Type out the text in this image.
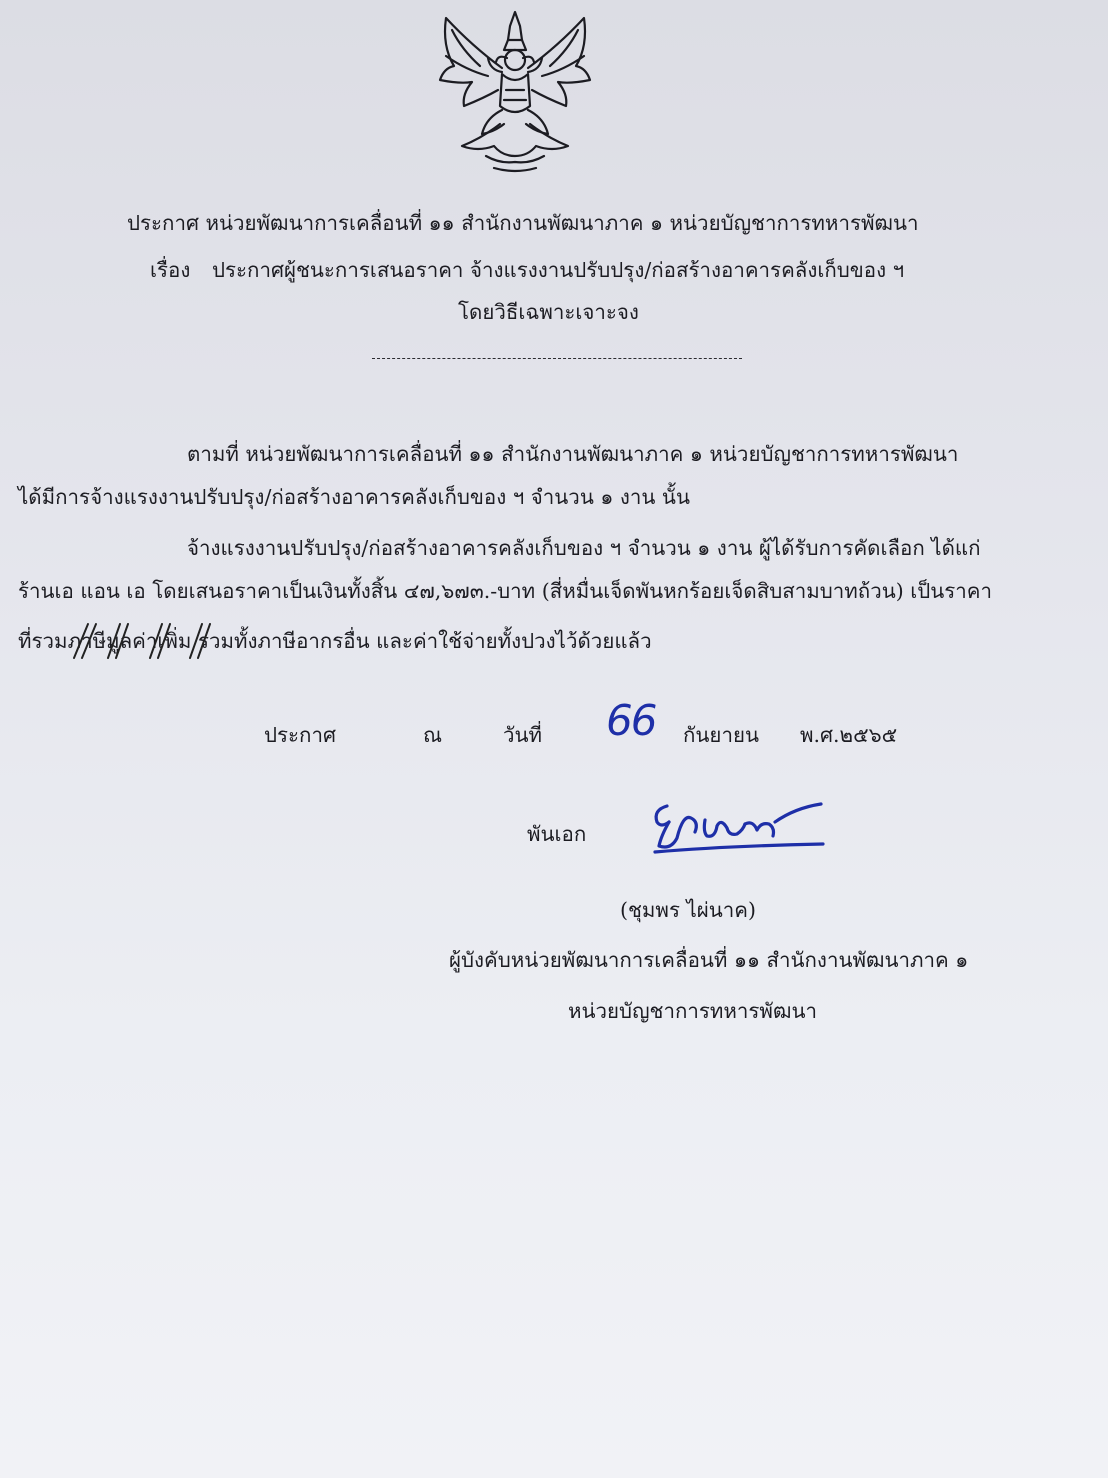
ประกาศ หน่วยพัฒนาการเคลื่อนที่ ๑๑ สำนักงานพัฒนาภาค ๑ หน่วยบัญชาการทหารพัฒนา
เรื่อง ประกาศผู้ชนะการเสนอราคา จ้างแรงงานปรับปรุง/ก่อสร้างอาคารคลังเก็บของ ฯ
โดยวิธีเฉพาะเจาะจง
ตามที่ หน่วยพัฒนาการเคลื่อนที่ ๑๑ สำนักงานพัฒนาภาค ๑ หน่วยบัญชาการทหารพัฒนา
ได้มีการจ้างแรงงานปรับปรุง/ก่อสร้างอาคารคลังเก็บของ ฯ จำนวน ๑ งาน นั้น
จ้างแรงงานปรับปรุง/ก่อสร้างอาคารคลังเก็บของ ฯ จำนวน ๑ งาน ผู้ได้รับการคัดเลือก ได้แก่
ร้านเอ แอน เอ โดยเสนอราคาเป็นเงินทั้งสิ้น ๔๗,๖๗๓.-บาท (สี่หมื่นเจ็ดพันหกร้อยเจ็ดสิบสามบาทถ้วน) เป็นราคา
ที่รวมภาษีมูลค่าเพิ่ม รวมทั้งภาษีอากรอื่น และค่าใช้จ่ายทั้งปวงไว้ด้วยแล้ว
ประกาศ	ณ	วันที่ 66 กันยายน พ.ศ.๒๕๖๕
พันเอก
(ชุมพร ไผ่นาค)
ผู้บังคับหน่วยพัฒนาการเคลื่อนที่ ๑๑ สำนักงานพัฒนาภาค ๑
หน่วยบัญชาการทหารพัฒนา
